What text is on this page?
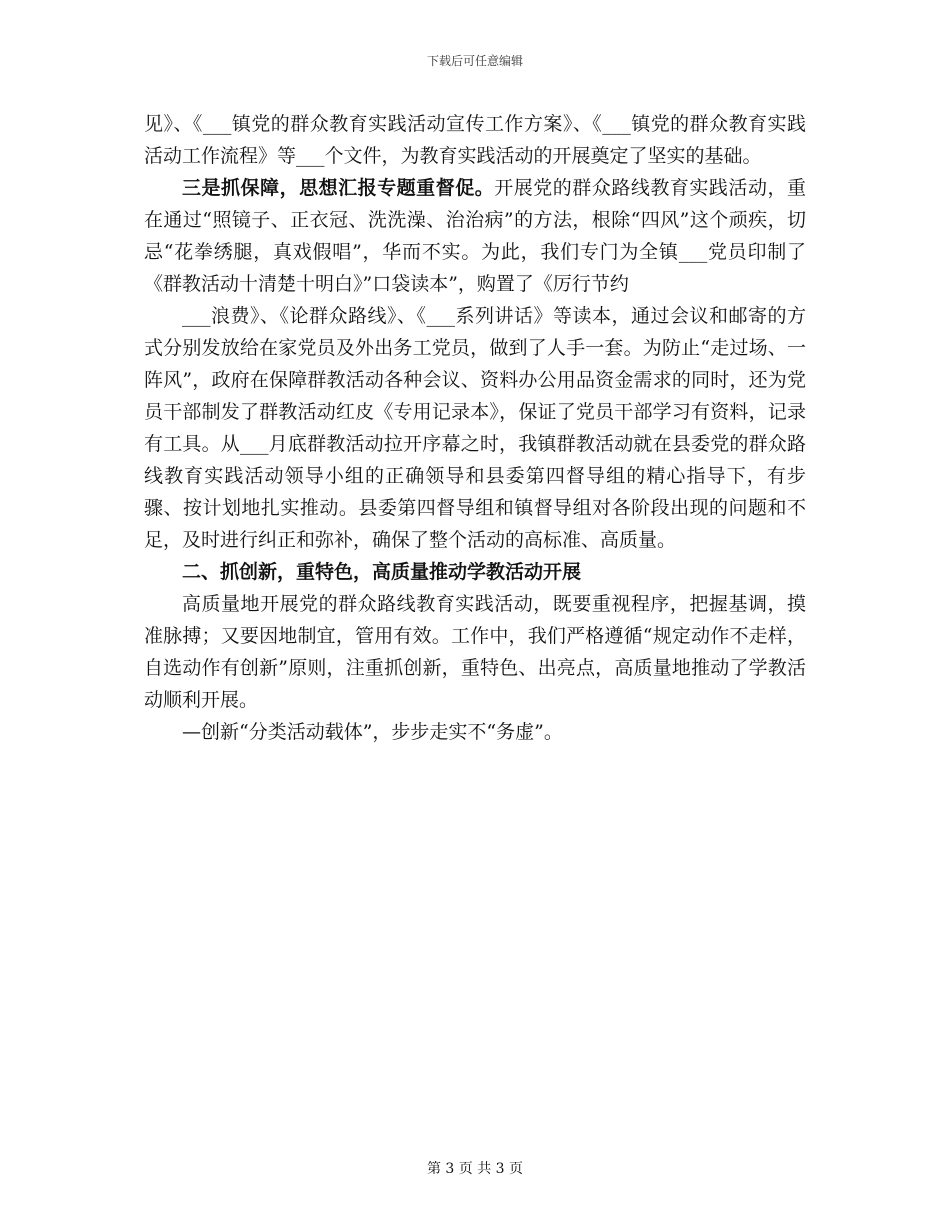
下载后可任意编辑

见》、《___镇党的群众教育实践活动宣传工作方案》、《___镇党的群众教育实践活动工作流程》等___个文件，为教育实践活动的开展奠定了坚实的基础。

三是抓保障，思想汇报专题重督促。开展党的群众路线教育实践活动，重在通过“照镜子、正衣冠、洗洗澡、治治病”的方法，根除“四风”这个顽疾，切忌“花拳绣腿，真戏假唱”，华而不实。为此，我们专门为全镇___党员印制了《群教活动十清楚十明白》”口袋读本”，购置了《厉行节约

___浪费》、《论群众路线》、《___系列讲话》等读本，通过会议和邮寄的方式分别发放给在家党员及外出务工党员，做到了人手一套。为防止“走过场、一阵风”，政府在保障群教活动各种会议、资料办公用品资金需求的同时，还为党员干部制发了群教活动红皮《专用记录本》，保证了党员干部学习有资料，记录有工具。从___月底群教活动拉开序幕之时，我镇群教活动就在县委党的群众路线教育实践活动领导小组的正确领导和县委第四督导组的精心指导下，有步骤、按计划地扎实推动。县委第四督导组和镇督导组对各阶段出现的问题和不足，及时进行纠正和弥补，确保了整个活动的高标准、高质量。

二、抓创新，重特色，高质量推动学教活动开展

高质量地开展党的群众路线教育实践活动，既要重视程序，把握基调，摸准脉搏；又要因地制宜，管用有效。工作中，我们严格遵循“规定动作不走样，自选动作有创新”原则，注重抓创新，重特色、出亮点，高质量地推动了学教活动顺利开展。

—创新“分类活动载体”，步步走实不“务虚”。

第 3 页 共 3 页
